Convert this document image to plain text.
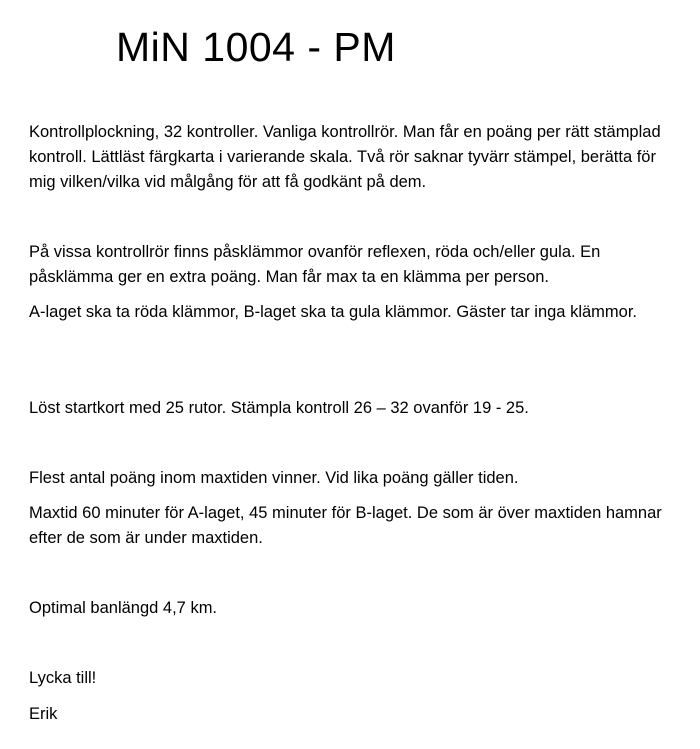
MiN 1004 - PM

Kontrollplockning, 32 kontroller. Vanliga kontrollrör. Man får en poäng per rätt stämplad kontroll. Lättläst färgkarta i varierande skala. Två rör saknar tyvärr stämpel, berätta för mig vilken/vilka vid målgång för att få godkänt på dem.

På vissa kontrollrör finns påsklämmor ovanför reflexen, röda och/eller gula. En påsklämma ger en extra poäng. Man får max ta en klämma per person.

A-laget ska ta röda klämmor, B-laget ska ta gula klämmor. Gäster tar inga klämmor.

Löst startkort med 25 rutor. Stämpla kontroll 26 – 32 ovanför 19 - 25.

Flest antal poäng inom maxtiden vinner. Vid lika poäng gäller tiden.

Maxtid 60 minuter för A-laget, 45 minuter för B-laget. De som är över maxtiden hamnar efter de som är under maxtiden.

Optimal banlängd 4,7 km.

Lycka till!

Erik
